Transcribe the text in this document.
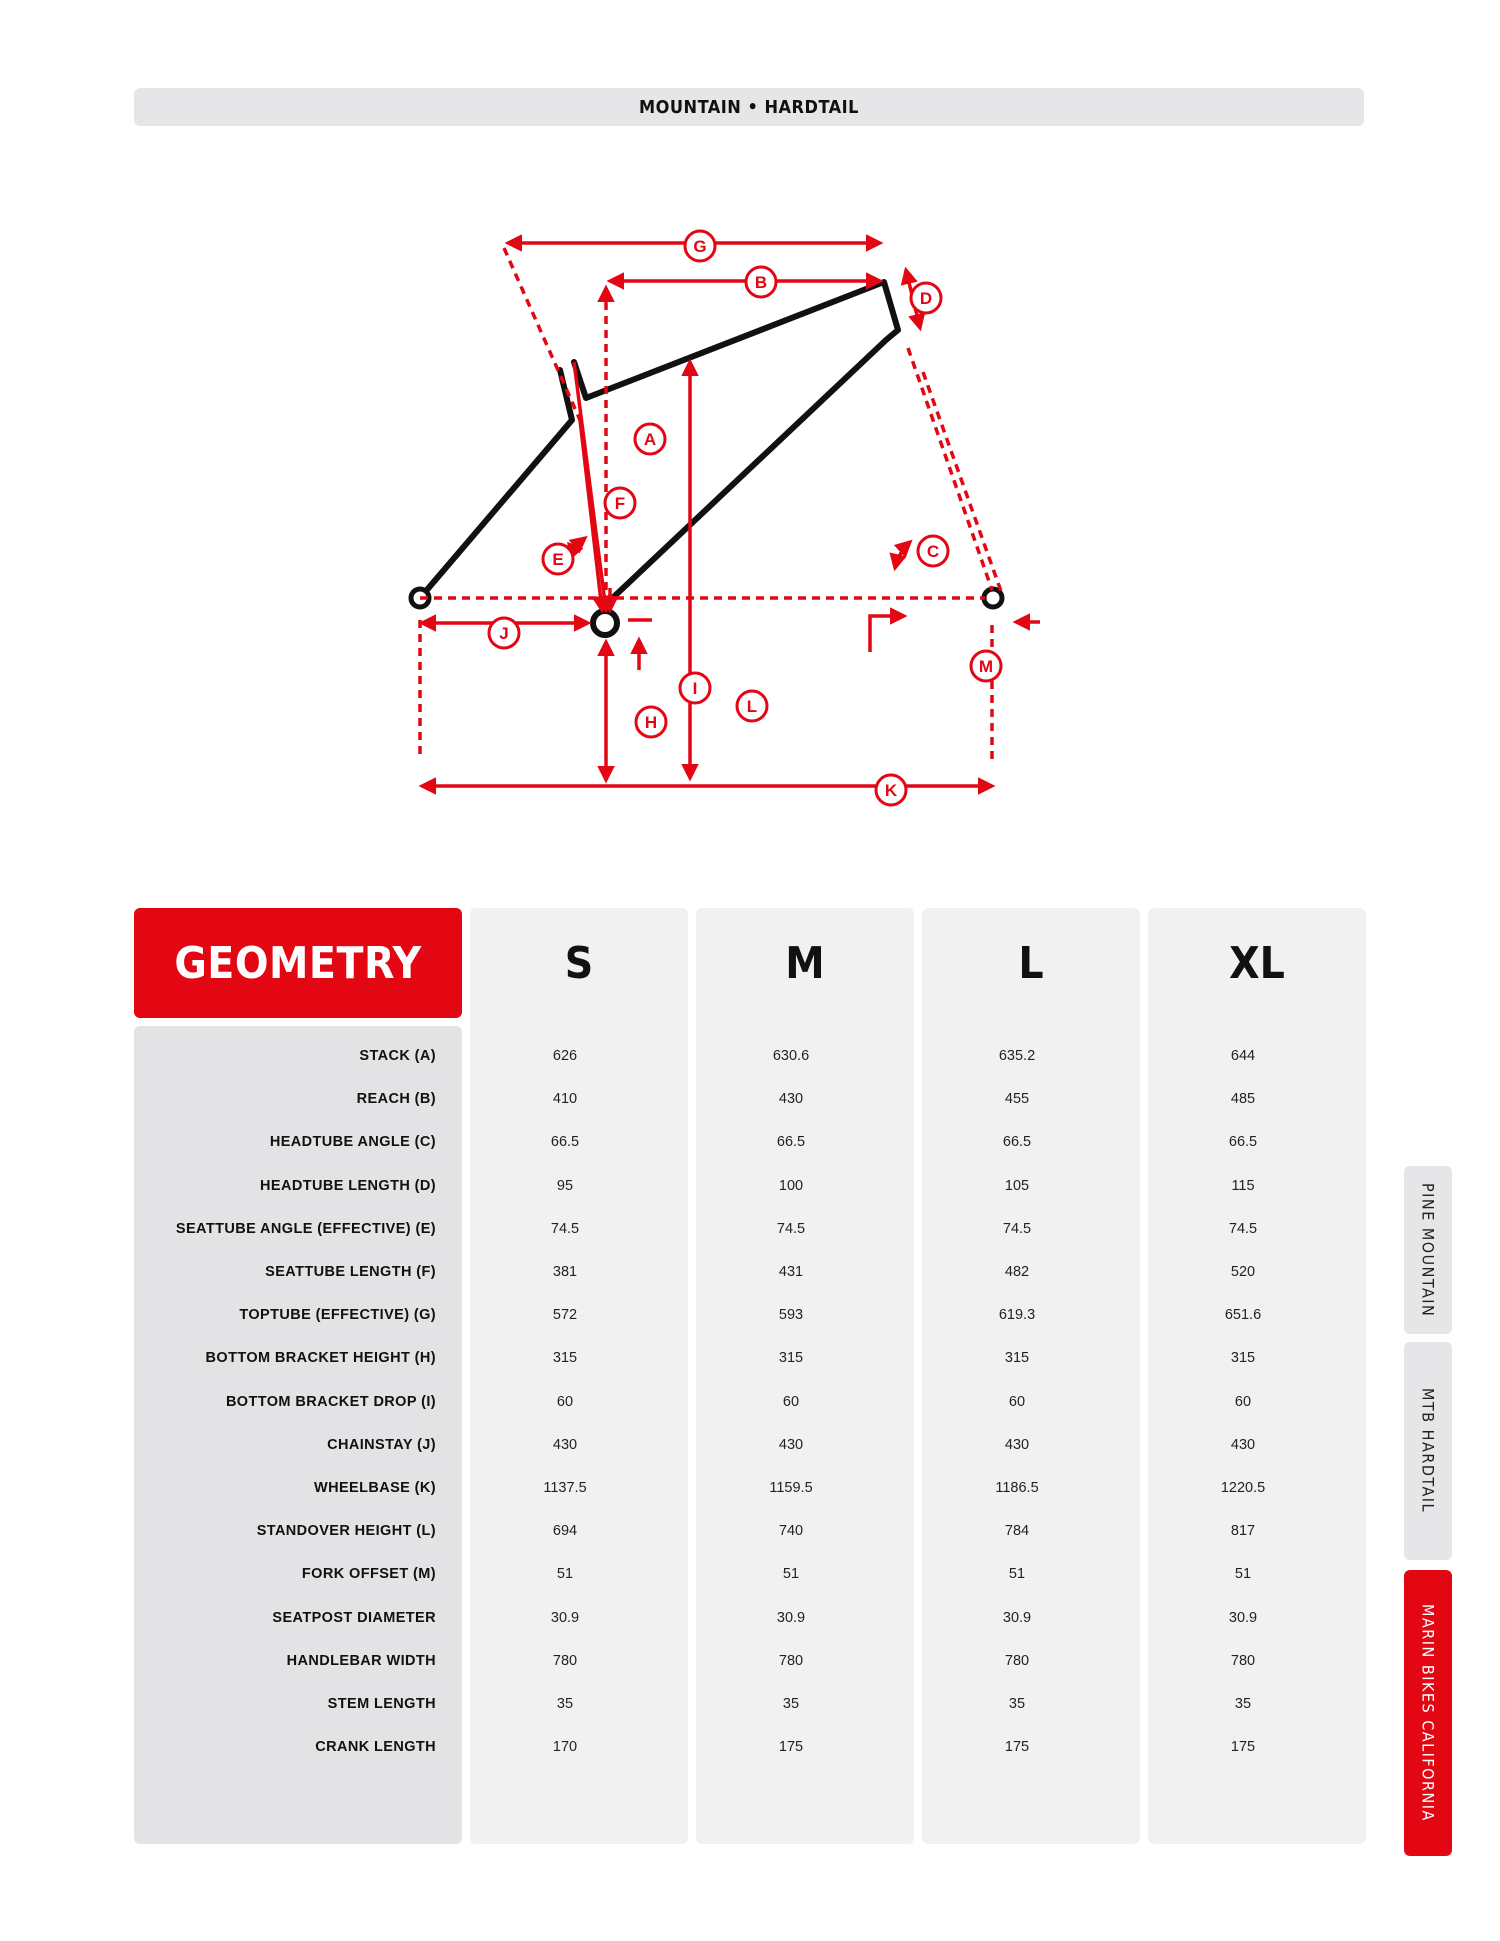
MOUNTAIN • HARDTAIL
G
B
D
A
F
E	C
J
I
M
H
L
K
GEOMETRY
STACK (A)
REACH (B)
HEADTUBE ANGLE (C)
HEADTUBE LENGTH (D)
SEATTUBE ANGLE (EFFECTIVE) (E)
SEATTUBE LENGTH (F)
TOPTUBE (EFFECTIVE) (G)
BOTTOM BRACKET HEIGHT (H)
BOTTOM BRACKET DROP (I)
CHAINSTAY (J)
WHEELBASE (K)
STANDOVER HEIGHT (L)
FORK OFFSET (M)
SEATPOST DIAMETER
HANDLEBAR WIDTH
STEM LENGTH
CRANK LENGTH
S
626
410
66.5
95
74.5
381
572
315
60
430
1137.5
694
51
30.9
780
35
170
M
630.6
430
66.5
100
74.5
431
593
315
60
430
1159.5
740
51
30.9
780
35
175
L
635.2
455
66.5
105
74.5
482
619.3
315
60
430
1186.5
784
51
30.9
780
35
175
XL
644
485
66.5
115
74.5
520
651.6
315
60
430
1220.5
817
51
30.9
780
35
175
PINE MOUNTAIN
MTB HARDTAIL
MARIN BIKES CALIFORNIA
